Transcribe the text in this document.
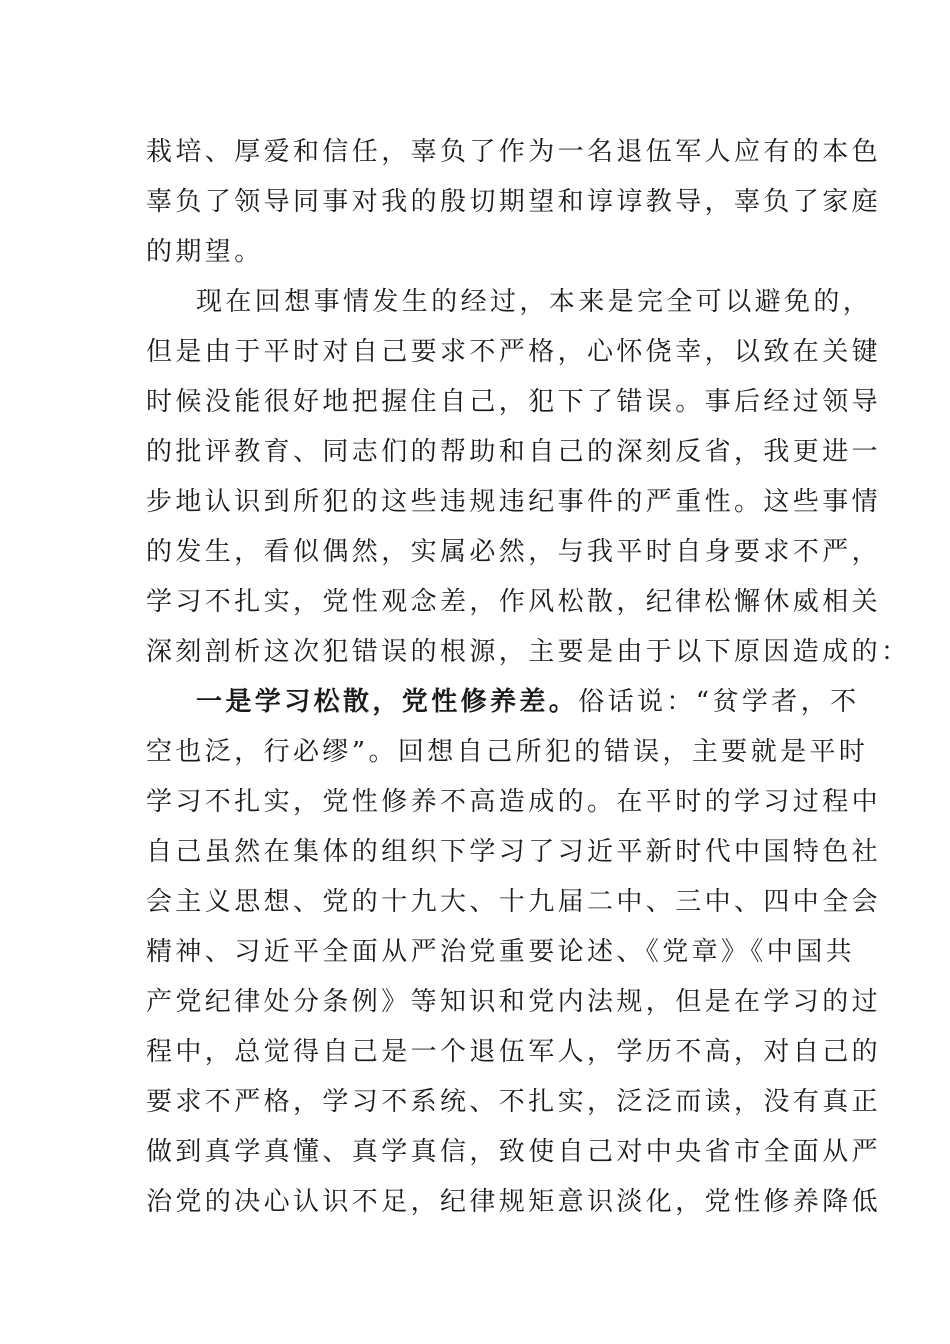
栽培、厚爱和信任，辜负了作为一名退伍军人应有的本色
辜负了领导同事对我的殷切期望和谆谆教导，辜负了家庭
的期望。
现在回想事情发生的经过，本来是完全可以避免的，
但是由于平时对自己要求不严格，心怀侥幸，以致在关键
时候没能很好地把握住自己，犯下了错误。事后经过领导
的批评教育、同志们的帮助和自己的深刻反省，我更进一
步地认识到所犯的这些违规违纪事件的严重性。这些事情
的发生，看似偶然，实属必然，与我平时自身要求不严，
学习不扎实，党性观念差，作风松散，纪律松懈休威相关
深刻剖析这次犯错误的根源，主要是由于以下原因造成的：
一是学习松散，党性修养差。俗话说：“贫学者，不
空也泛，行必缪”。回想自己所犯的错误，主要就是平时
学习不扎实，党性修养不高造成的。在平时的学习过程中
自己虽然在集体的组织下学习了习近平新时代中国特色社
会主义思想、党的十九大、十九届二中、三中、四中全会
精神、习近平全面从严治党重要论述、《党章》《中国共
产党纪律处分条例》等知识和党内法规，但是在学习的过
程中，总觉得自己是一个退伍军人，学历不高，对自己的
要求不严格，学习不系统、不扎实，泛泛而读，没有真正
做到真学真懂、真学真信，致使自己对中央省市全面从严
治党的决心认识不足，纪律规矩意识淡化，党性修养降低
